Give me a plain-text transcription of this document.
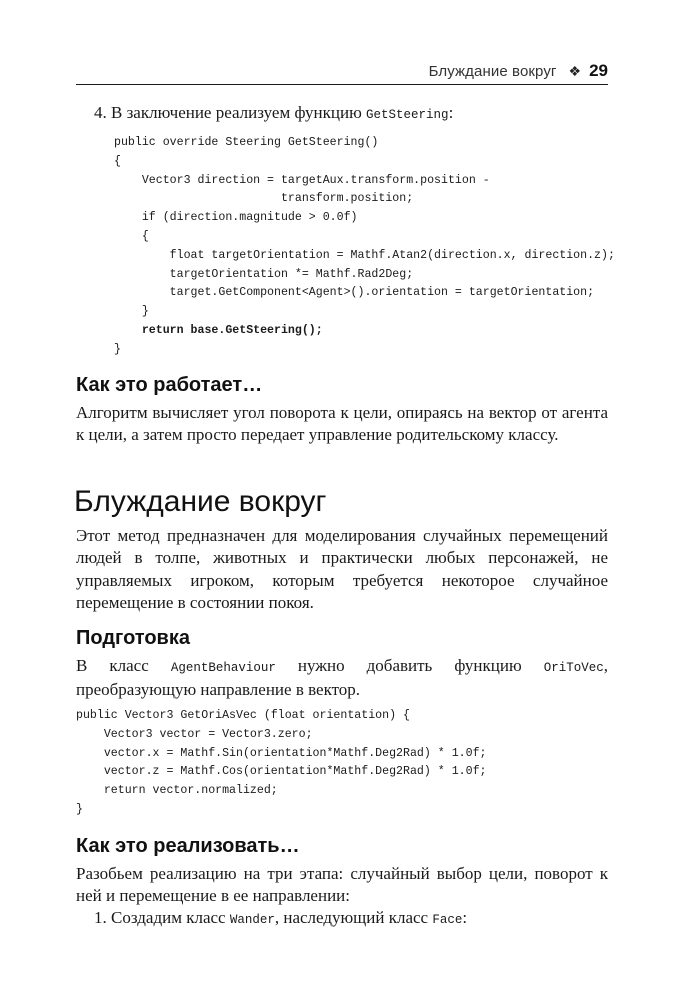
Блуждание вокруг ❖ 29
4. В заключение реализуем функцию GetSteering:
public override Steering GetSteering()
{
Vector3 direction = targetAux.transform.position -
transform.position;
if (direction.magnitude > 0.0f)
{
float targetOrientation = Mathf.Atan2(direction.x, direction.z);
targetOrientation *= Mathf.Rad2Deg;
target.GetComponent<Agent>().orientation = targetOrientation;
}
return base.GetSteering();
}
Как это работает…

Алгоритм вычисляет угол поворота к цели, опираясь на вектор от агента к цели, а затем просто передает управление родительскому классу.

Блуждание вокруг

Этот метод предназначен для моделирования случайных перемещений людей в толпе, животных и практически любых персонажей, не управляемых игроком, которым требуется некоторое случайное перемещение в состоянии покоя.

Подготовка

В класс AgentBehaviour нужно добавить функцию OriToVec, преобразующую направление в вектор.

public Vector3 GetOriAsVec (float orientation) {
Vector3 vector = Vector3.zero;
vector.x = Mathf.Sin(orientation*Mathf.Deg2Rad) * 1.0f;
vector.z = Mathf.Cos(orientation*Mathf.Deg2Rad) * 1.0f;
return vector.normalized;
}
Как это реализовать…

Разобьем реализацию на три этапа: случайный выбор цели, поворот к ней и перемещение в ее направлении:

1. Создадим класс Wander, наследующий класс Face:
